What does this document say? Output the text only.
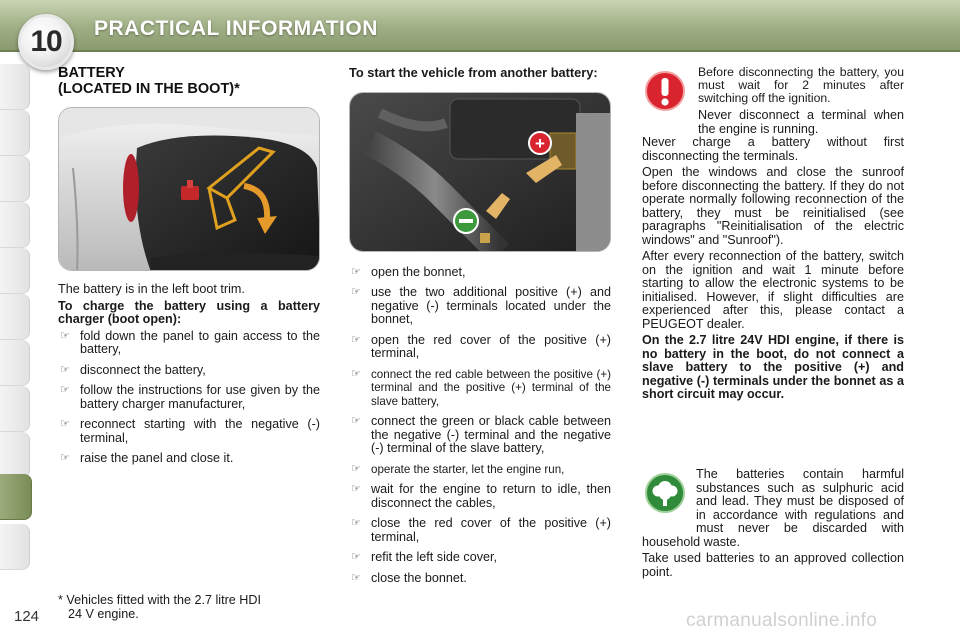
PRACTICAL INFORMATION
10
BATTERY
(LOCATED IN THE BOOT)*

The battery is in the left boot trim.

To charge the battery using a battery charger (boot open):

☞ fold down the panel to gain access to the battery,
☞ disconnect the battery,
☞ follow the instructions for use given by the battery charger manufacturer,
☞ reconnect starting with the negative (-) terminal,
☞ raise the panel and close it.
* Vehicles fitted with the 2.7 litre HDI
24 V engine.

To start the vehicle from another battery:

+
☞ open the bonnet,
☞ use the two additional positive (+) and negative (-) terminals located under the bonnet,
☞ open the red cover of the positive (+) terminal,
☞ connect the red cable between the positive (+) terminal and the positive (+) terminal of the slave battery,
☞ connect the green or black cable between the negative (-) terminal and the negative (-) terminal of the slave battery,
☞ operate the starter, let the engine run,
☞ wait for the engine to return to idle, then disconnect the cables,
☞ close the red cover of the positive (+) terminal,
☞ refit the left side cover,
☞ close the bonnet.

Before disconnecting the battery, you must wait for 2 minutes after switching off the ignition.

Never disconnect a terminal when the engine is running.

Never charge a battery without first disconnecting the terminals.

Open the windows and close the sunroof before disconnecting the battery. If they do not operate normally following reconnection of the battery, they must be reinitialised (see paragraphs "Reinitialisation of the electric windows" and "Sunroof").

After every reconnection of the battery, switch on the ignition and wait 1 minute before starting to allow the electronic systems to be initialised. However, if slight difficulties are experienced after this, please contact a PEUGEOT dealer.

On the 2.7 litre 24V HDI engine, if there is no battery in the boot, do not connect a slave battery to the positive (+) and negative (-) terminals under the bonnet as a short circuit may occur.

The batteries contain harmful substances such as sulphuric acid and lead. They must be disposed of in accordance with regulations and must never be discarded with household waste.

Take used batteries to an approved collection point.

124	carmanualsonline.info
